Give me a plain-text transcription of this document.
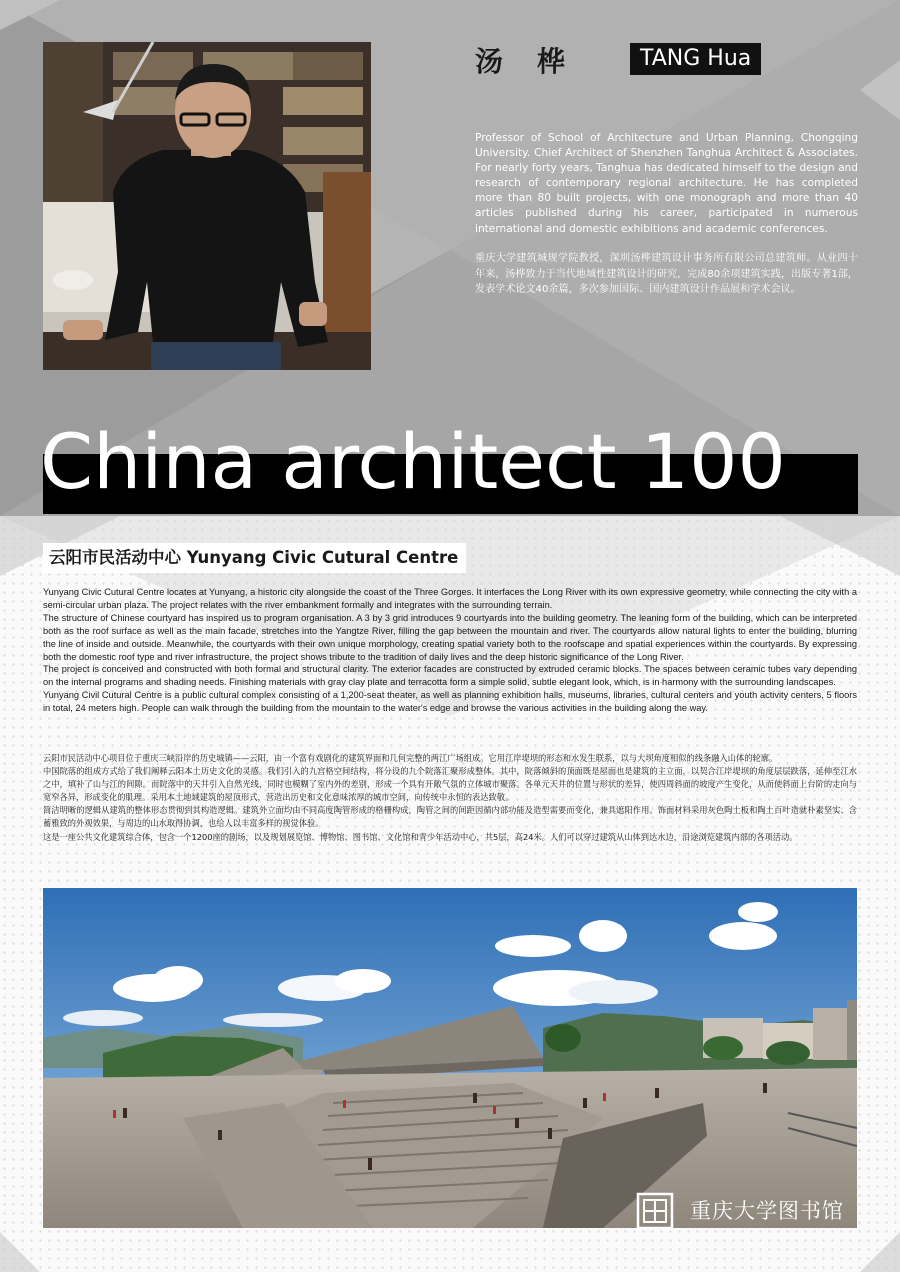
汤桦	TANG Hua
Professor of School of Architecture and Urban Planning, Chongqing University. Chief Architect of Shenzhen Tanghua Architect & Associates. For nearly forty years, Tanghua has dedicated himself to the design and research of contemporary regional architecture. He has completed more than 80 built projects, with one monograph and more than 40 articles published during his career, participated in numerous international and domestic exhibitions and academic conferences.
重庆大学建筑城规学院教授，深圳汤桦建筑设计事务所有限公司总建筑师。从业四十年来，汤桦致力于当代地域性建筑设计的研究，完成80余项建筑实践，出版专著1部，发表学术论文40余篇，多次参加国际、国内建筑设计作品展和学术会议。
China architect 100
云阳市民活动中心 Yunyang Civic Cutural Centre

Yunyang Civic Cutural Centre locates at Yunyang, a historic city alongside the coast of the Three Gorges. It interfaces the Long River with its own expressive geometry, while connecting the city with a semi-circular urban plaza. The project relates with the river embankment formally and integrates with the surrounding terrain.

The structure of Chinese courtyard has inspired us to program organisation. A 3 by 3 grid introduces 9 courtyards into the building geometry. The leaning form of the building, which can be interpreted both as the roof surface as well as the main facade, stretches into the Yangtze River, filling the gap between the mountain and river. The courtyards allow natural lights to enter the building, blurring the line of inside and outside. Meanwhile, the courtyards with their own unique morphology, creating spatial variety both to the roofscape and spatial experiences within the courtyards. By expressing both the domestic roof type and river infrastructure, the project shows tribute to the tradition of daily lives and the deep historic significance of the Long River.

The project is conceived and constructed with both formal and structural clarity. The exterior facades are constructed by extruded ceramic blocks. The spaces between ceramic tubes vary depending on the internal programs and shading needs. Finishing materials with gray clay plate and terracotta form a simple solid, subtle elegant look, which, is in harmony with the surrounding landscapes.

Yunyang Civil Cutural Centre is a public cultural complex consisting of a 1,200-seat theater, as well as planning exhibition halls, museums, libraries, cultural centers and youth activity centers, 5 floors in total, 24 meters high. People can walk through the building from the mountain to the water's edge and browse the various activities in the building along the way.

云阳市民活动中心项目位于重庆三峡沿岸的历史城镇——云阳，由一个富有戏剧化的建筑界面和几何完整的两江广场组成。它用江岸堤坝的形态和水发生联系，以与大坝角度相似的线条融入山体的轮廓。

中国院落的组成方式给了我们阐释云阳本土历史文化的灵感。我们引入的九宫格空间结构，将分设的九个院落汇聚形成整体。其中，院落倾斜的顶面既是屋面也是建筑的主立面，以契合江岸堤坝的角度层层跌落，延伸至江水之中，填补了山与江的间隙。而院落中的天井引入自然光线，同时也模糊了室内外的差别，形成一个具有开敞气氛的立体城市聚落。各单元天井的位置与形状的差异，使四周斜面的坡度产生变化，从而使斜面上台阶的走向与宽窄各异，形成变化的肌理。采用本土地域建筑的屋顶形式，营造出历史和文化意味浓厚的城市空间，向传统中永恒的表达致敬。

简洁明晰的逻辑从建筑的整体形态贯彻到其构造逻辑。建筑外立面均由不同高度陶管形成的格栅构成，陶管之间的间距因循内部功能及造型需要而变化，兼具遮阳作用。饰面材料采用灰色陶土板和陶土百叶造就朴素坚实、含蓄雅致的外观效果，与周边的山水取得协调，也给人以丰富多样的视觉体验。

这是一座公共文化建筑综合体，包含一个1200座的剧场，以及规划展览馆、博物馆、图书馆、文化馆和青少年活动中心，共5层，高24米。人们可以穿过建筑从山体到达水边，沿途浏览建筑内部的各项活动。

重庆大学图书馆
